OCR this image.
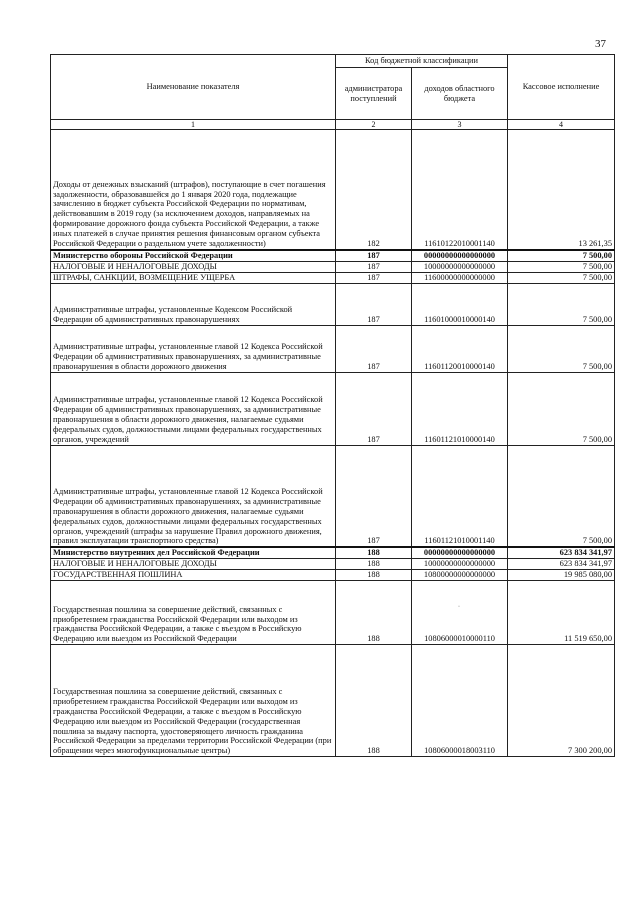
37
Наименование показателя	Код бюджетной классификации		Кассовое исполнение
	администратора поступлений	доходов областного бюджета	
1	2	3	4
Доходы от денежных взысканий (штрафов), поступающие в счет погашения задолженности, образовавшейся до 1 января 2020 года, подлежащие зачислению в бюджет субъекта Российской Федерации по нормативам, действовавшим в 2019 году (за исключением доходов, направляемых на формирование дорожного фонда субъекта Российской Федерации, а также иных платежей в случае принятия решения финансовым органом субъекта Российской Федерации о раздельном учете задолженности)	182	11610122010001140	13 261,35
Министерство обороны Российской Федерации	187	00000000000000000	7 500,00
НАЛОГОВЫЕ И НЕНАЛОГОВЫЕ ДОХОДЫ	187	10000000000000000	7 500,00
ШТРАФЫ, САНКЦИИ, ВОЗМЕЩЕНИЕ УЩЕРБА	187	11600000000000000	7 500,00
Административные штрафы, установленные Кодексом Российской Федерации об административных правонарушениях	187	11601000010000140	7 500,00
Административные штрафы, установленные главой 12 Кодекса Российской Федерации об административных правонарушениях, за административные правонарушения в области дорожного движения	187	11601120010000140	7 500,00
Административные штрафы, установленные главой 12 Кодекса Российской Федерации об административных правонарушениях, за административные правонарушения в области дорожного движения, налагаемые судьями федеральных судов, должностными лицами федеральных государственных органов, учреждений	187	11601121010000140	7 500,00
Административные штрафы, установленные главой 12 Кодекса Российской Федерации об административных правонарушениях, за административные правонарушения в области дорожного движения, налагаемые судьями федеральных судов, должностными лицами федеральных государственных органов, учреждений (штрафы за нарушение Правил дорожного движения, правил эксплуатации транспортного средства)	187	11601121010001140	7 500,00
Министерство внутренних дел Российской Федерации	188	00000000000000000	623 834 341,97
НАЛОГОВЫЕ И НЕНАЛОГОВЫЕ ДОХОДЫ	188	10000000000000000	623 834 341,97
ГОСУДАРСТВЕННАЯ ПОШЛИНА	188	10800000000000000	19 985 080,00
Государственная пошлина за совершение действий, связанных с приобретением гражданства Российской Федерации или выходом из гражданства Российской Федерации, а также с въездом в Российскую Федерацию или выездом из Российской Федерации	188	10806000010000110	11 519 650,00
Государственная пошлина за совершение действий, связанных с приобретением гражданства Российской Федерации или выходом из гражданства Российской Федерации, а также с въездом в Российскую Федерацию или выездом из Российской Федерации (государственная пошлина за выдачу паспорта, удостоверяющего личность гражданина Российской Федерации за пределами территории Российской Федерации (при обращении через многофункциональные центры)	188	10806000018003110	7 300 200,00
·
